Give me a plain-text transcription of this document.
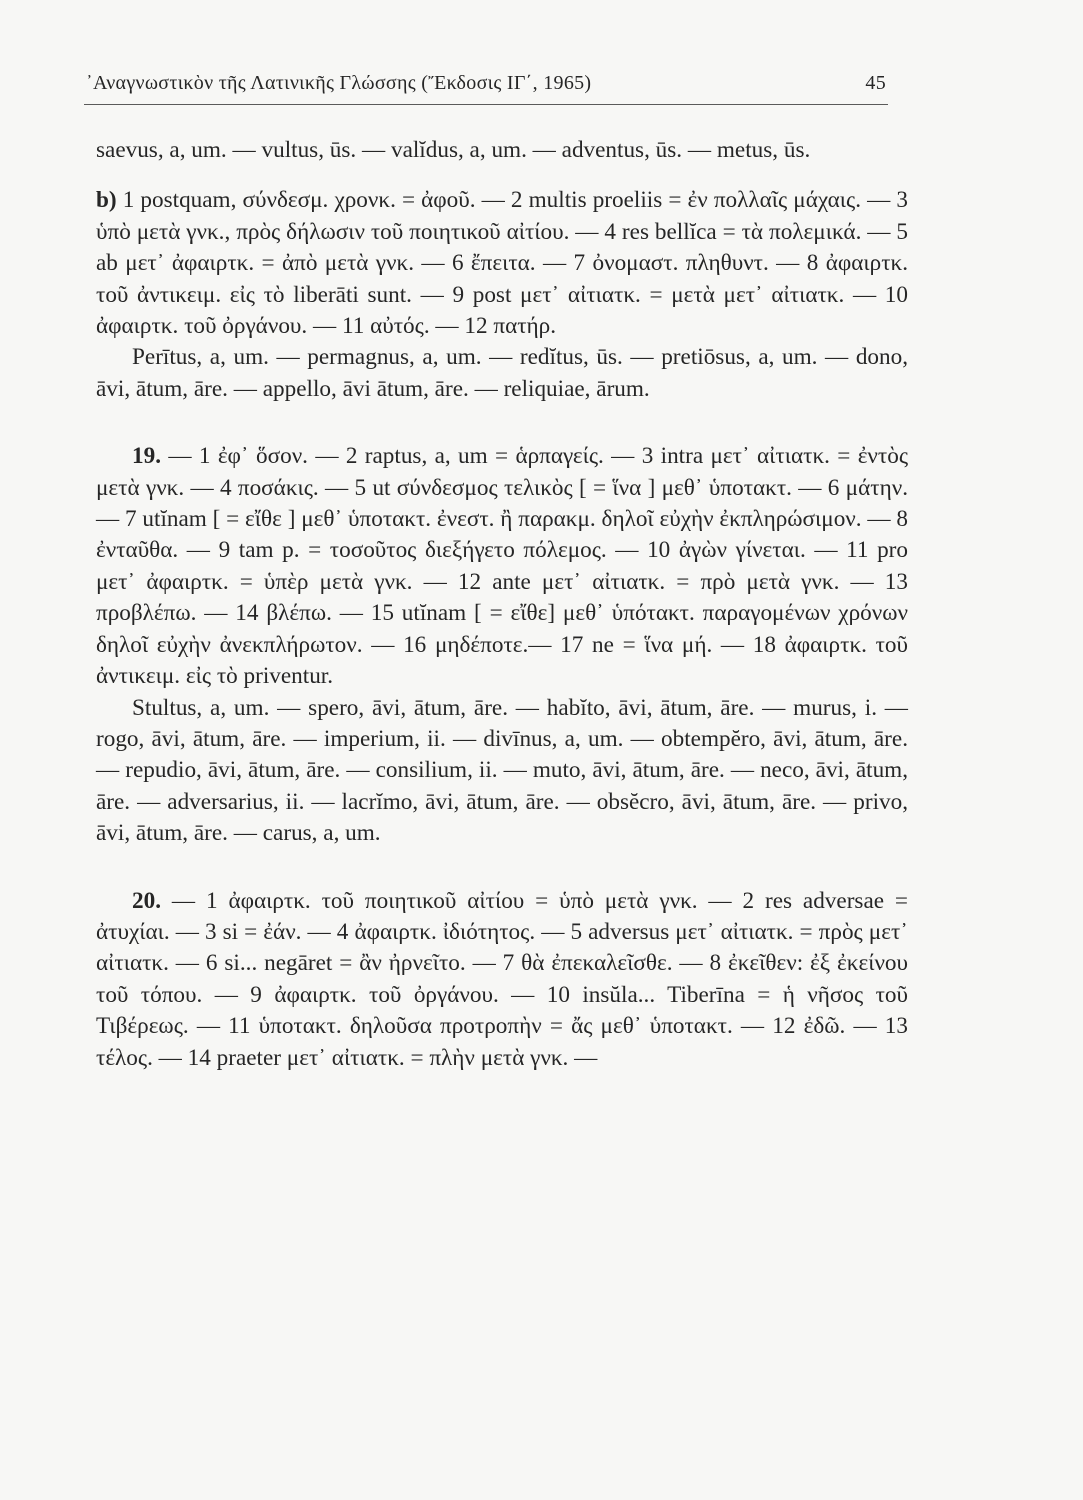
᾿Αναγνωστικὸν τῆς Λατινικῆς Γλώσσης (Ἔκδοσις ΙΓ΄, 1965)	45

saevus, a, um. — vultus, ūs. — valĭdus, a, um. — adventus, ūs. — metus, ūs.

b) 1 postquam, σύνδεσμ. χρονκ. = ἀφοῦ. — 2 multis proeliis = ἐν πολλαῖς μάχαις. — 3 ὑπὸ μετὰ γνκ., πρὸς δήλωσιν τοῦ ποιητικοῦ αἰτίου. — 4 res bellĭca = τὰ πολεμικά. — 5 ab μετ᾿ ἀφαιρτκ. = ἀπὸ μετὰ γνκ. — 6 ἔπειτα. — 7 ὀνομαστ. πληθυντ. — 8 ἀφαιρτκ. τοῦ ἀντικειμ. εἰς τὸ liberāti sunt. — 9 post μετ᾿ αἰτιατκ. = μετὰ μετ᾿ αἰτιατκ. — 10 ἀφαιρτκ. τοῦ ὀργάνου. — 11 αὐτός. — 12 πατήρ.

Perītus, a, um. — permagnus, a, um. — redĭtus, ūs. — pretiōsus, a, um. — dono, āvi, ātum, āre. — appello, āvi ātum, āre. — reliquiae, ārum.

19. — 1 ἐφ᾿ ὅσον. — 2 raptus, a, um = ἁρπαγείς. — 3 intra μετ᾿ αἰτιατκ. = ἐντὸς μετὰ γνκ. — 4 ποσάκις. — 5 ut σύνδεσμος τελικὸς [ = ἵνα ] μεθ᾿ ὑποτακτ. — 6 μάτην. — 7 utĭnam [ = εἴθε ] μεθ᾿ ὑποτακτ. ἐνεστ. ἢ παρακμ. δηλοῖ εὐχὴν ἐκπληρώσιμον. — 8 ἐνταῦθα. — 9 tam p. = τοσοῦτος διεξήγετο πόλεμος. — 10 ἀγὼν γίνεται. — 11 pro μετ᾿ ἀφαιρτκ. = ὑπὲρ μετὰ γνκ. — 12 ante μετ᾿ αἰτιατκ. = πρὸ μετὰ γνκ. — 13 προβλέπω. — 14 βλέπω. — 15 utĭnam [ = εἴθε] μεθ᾿ ὑπότακτ. παραγομένων χρόνων δηλοῖ εὐχὴν ἀνεκπλήρωτον. — 16 μηδέποτε.— 17 ne = ἵνα μή. — 18 ἀφαιρτκ. τοῦ ἀντικειμ. εἰς τὸ priventur.

Stultus, a, um. — spero, āvi, ātum, āre. — habĭto, āvi, ātum, āre. — murus, i. — rogo, āvi, ātum, āre. — imperium, ii. — divīnus, a, um. — obtempĕro, āvi, ātum, āre. — repudio, āvi, ātum, āre. — consilium, ii. — muto, āvi, ātum, āre. — neco, āvi, ātum, āre. — adversarius, ii. — lacrĭmo, āvi, ātum, āre. — obsĕcro, āvi, ātum, āre. — privo, āvi, ātum, āre. — carus, a, um.

20. — 1 ἀφαιρτκ. τοῦ ποιητικοῦ αἰτίου = ὑπὸ μετὰ γνκ. — 2 res adversae = ἀτυχίαι. — 3 si = ἐάν. — 4 ἀφαιρτκ. ἰδιότητος. — 5 adversus μετ᾿ αἰτιατκ. = πρὸς μετ᾿ αἰτιατκ. — 6 si... negāret = ἂν ἠρνεῖτο. — 7 θὰ ἐπεκαλεῖσθε. — 8 ἐκεῖθεν: ἐξ ἐκείνου τοῦ τόπου. — 9 ἀφαιρτκ. τοῦ ὀργάνου. — 10 insŭla... Tiberīna = ἡ νῆσος τοῦ Τιβέρεως. — 11 ὑποτακτ. δηλοῦσα προτροπὴν = ἄς μεθ᾿ ὑποτακτ. — 12 ἐδῶ. — 13 τέλος. — 14 praeter μετ᾿ αἰτιατκ. = πλὴν μετὰ γνκ. —
